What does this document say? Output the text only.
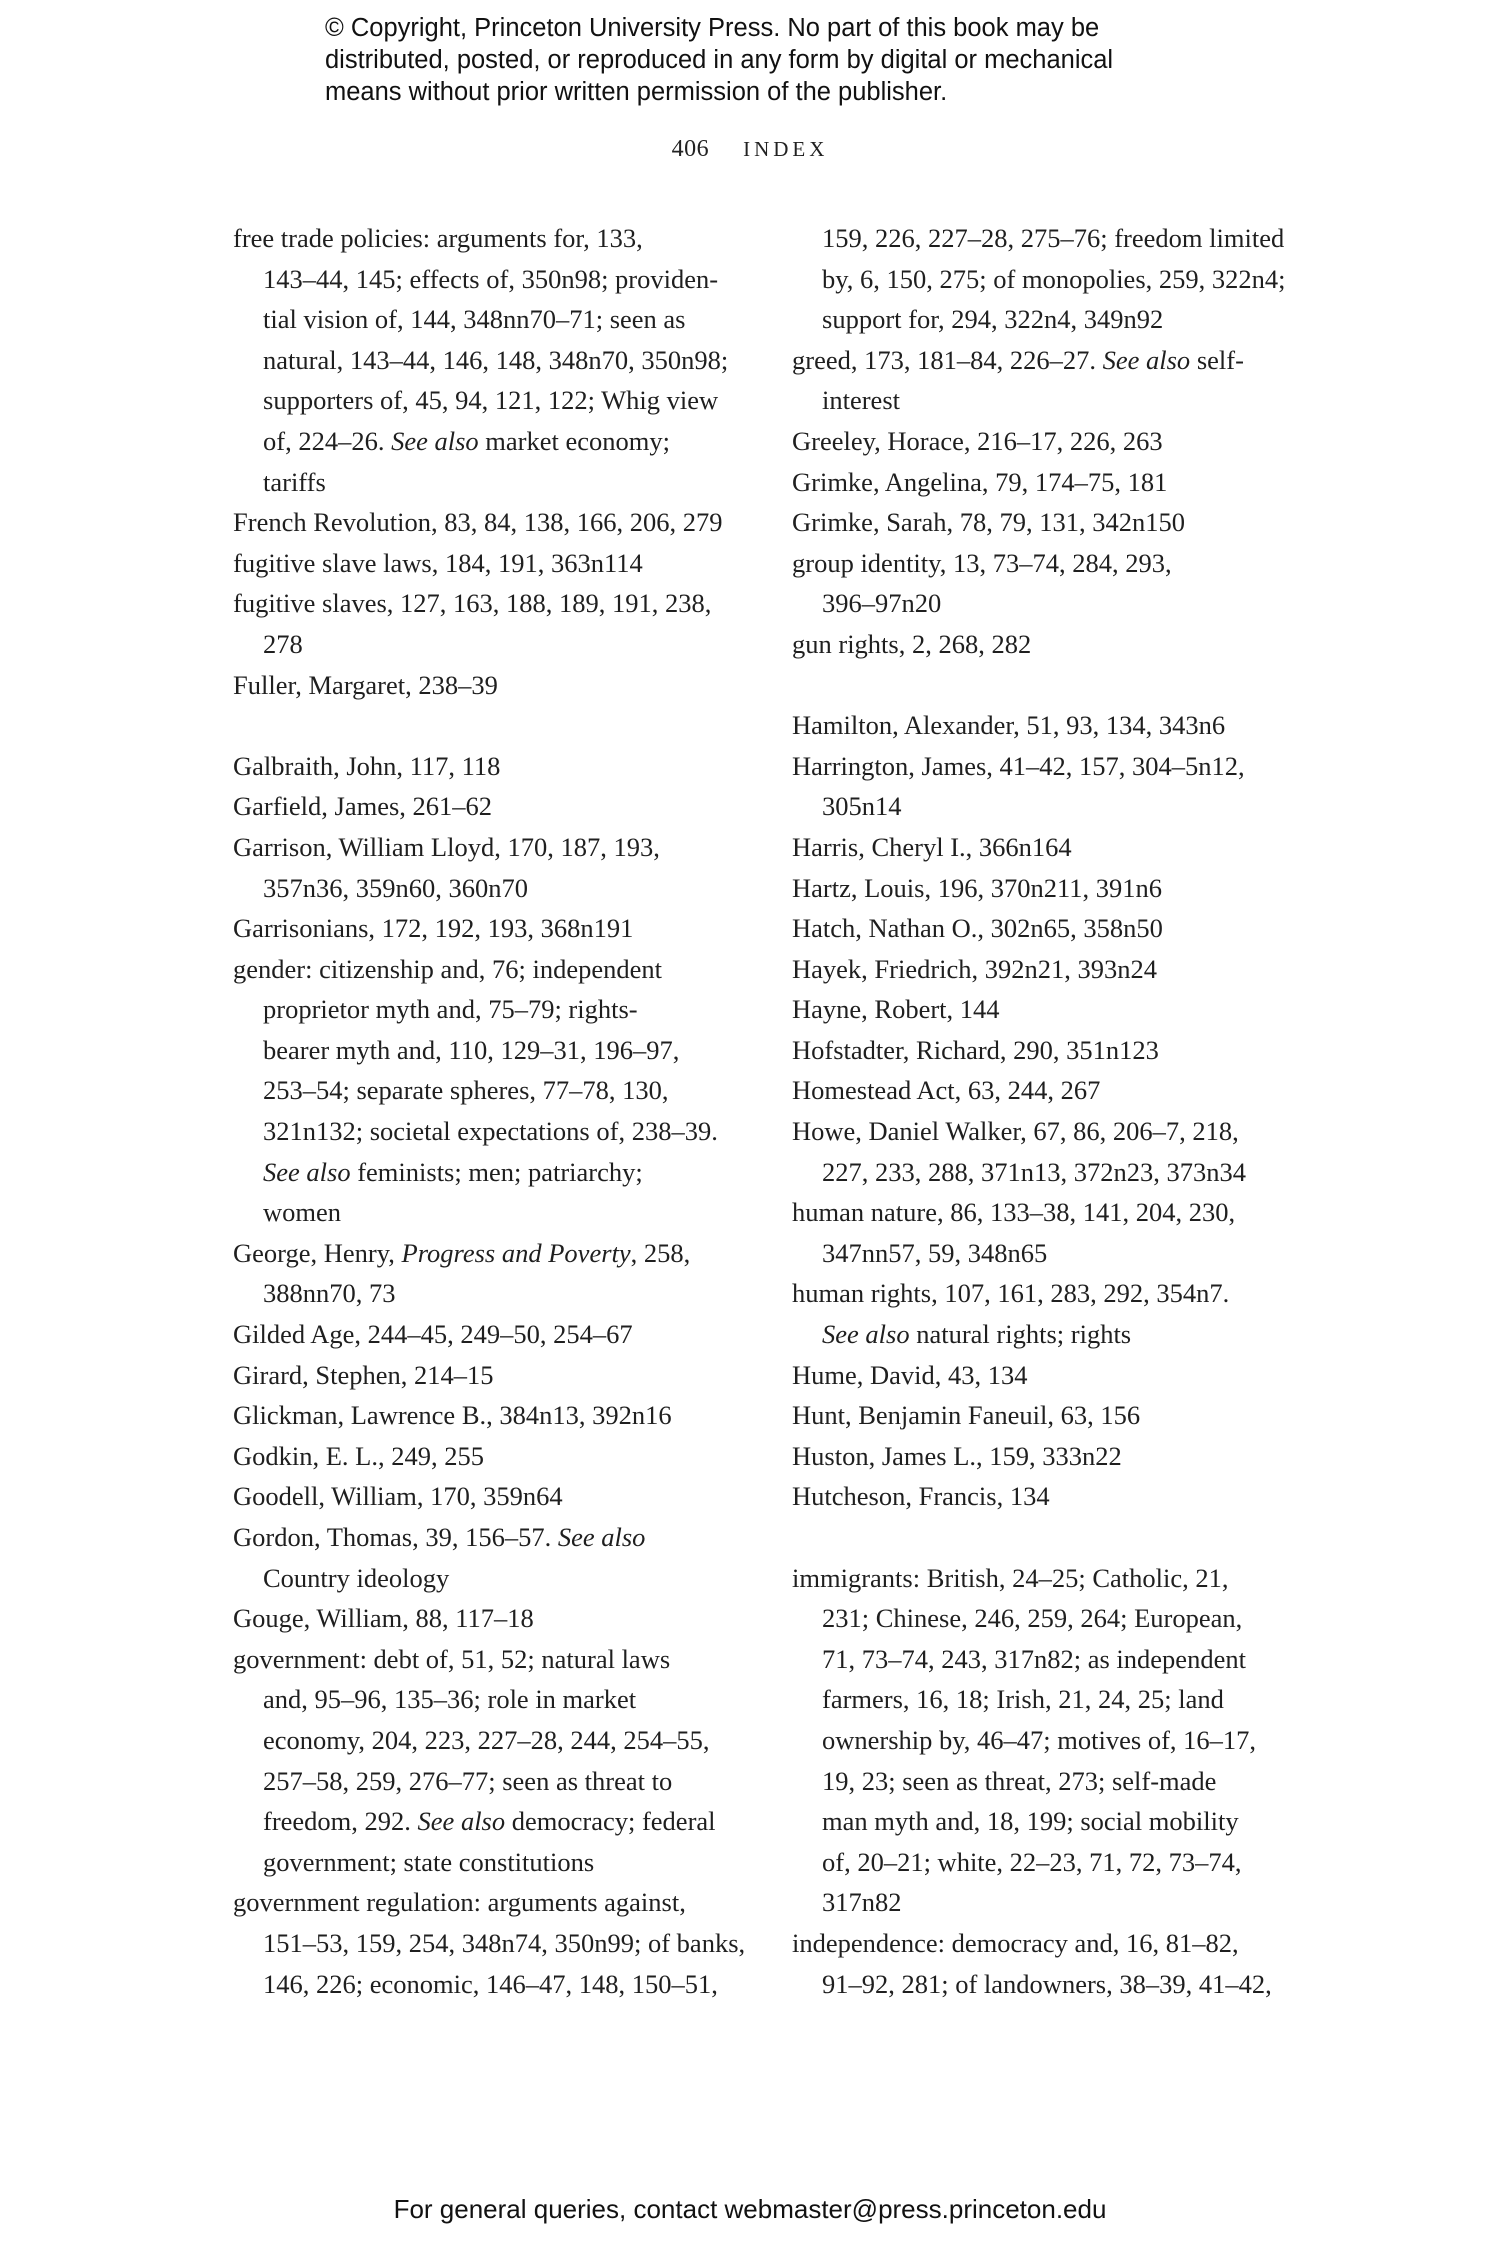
© Copyright, Princeton University Press. No part of this book may be
distributed, posted, or reproduced in any form by digital or mechanical
means without prior written permission of the publisher.
406 INDEX
free trade policies: arguments for, 133,
143–44, 145; effects of, 350n98; providen-
tial vision of, 144, 348nn70–71; seen as
natural, 143–44, 146, 148, 348n70, 350n98;
supporters of, 45, 94, 121, 122; Whig view
of, 224–26. See also market economy;
tariffs
French Revolution, 83, 84, 138, 166, 206, 279
fugitive slave laws, 184, 191, 363n114
fugitive slaves, 127, 163, 188, 189, 191, 238,
278
Fuller, Margaret, 238–39
Galbraith, John, 117, 118
Garfield, James, 261–62
Garrison, William Lloyd, 170, 187, 193,
357n36, 359n60, 360n70
Garrisonians, 172, 192, 193, 368n191
gender: citizenship and, 76; independent
proprietor myth and, 75–79; rights-
bearer myth and, 110, 129–31, 196–97,
253–54; separate spheres, 77–78, 130,
321n132; societal expectations of, 238–39.
See also feminists; men; patriarchy;
women
George, Henry, Progress and Poverty, 258,
388nn70, 73
Gilded Age, 244–45, 249–50, 254–67
Girard, Stephen, 214–15
Glickman, Lawrence B., 384n13, 392n16
Godkin, E. L., 249, 255
Goodell, William, 170, 359n64
Gordon, Thomas, 39, 156–57. See also
Country ideology
Gouge, William, 88, 117–18
government: debt of, 51, 52; natural laws
and, 95–96, 135–36; role in market
economy, 204, 223, 227–28, 244, 254–55,
257–58, 259, 276–77; seen as threat to
freedom, 292. See also democracy; federal
government; state constitutions
government regulation: arguments against,
151–53, 159, 254, 348n74, 350n99; of banks,
146, 226; economic, 146–47, 148, 150–51,
159, 226, 227–28, 275–76; freedom limited
by, 6, 150, 275; of monopolies, 259, 322n4;
support for, 294, 322n4, 349n92
greed, 173, 181–84, 226–27. See also self-
interest
Greeley, Horace, 216–17, 226, 263
Grimke, Angelina, 79, 174–75, 181
Grimke, Sarah, 78, 79, 131, 342n150
group identity, 13, 73–74, 284, 293,
396–97n20
gun rights, 2, 268, 282
Hamilton, Alexander, 51, 93, 134, 343n6
Harrington, James, 41–42, 157, 304–5n12,
305n14
Harris, Cheryl I., 366n164
Hartz, Louis, 196, 370n211, 391n6
Hatch, Nathan O., 302n65, 358n50
Hayek, Friedrich, 392n21, 393n24
Hayne, Robert, 144
Hofstadter, Richard, 290, 351n123
Homestead Act, 63, 244, 267
Howe, Daniel Walker, 67, 86, 206–7, 218,
227, 233, 288, 371n13, 372n23, 373n34
human nature, 86, 133–38, 141, 204, 230,
347nn57, 59, 348n65
human rights, 107, 161, 283, 292, 354n7.
See also natural rights; rights
Hume, David, 43, 134
Hunt, Benjamin Faneuil, 63, 156
Huston, James L., 159, 333n22
Hutcheson, Francis, 134
immigrants: British, 24–25; Catholic, 21,
231; Chinese, 246, 259, 264; European,
71, 73–74, 243, 317n82; as independent
farmers, 16, 18; Irish, 21, 24, 25; land
ownership by, 46–47; motives of, 16–17,
19, 23; seen as threat, 273; self-made
man myth and, 18, 199; social mobility
of, 20–21; white, 22–23, 71, 72, 73–74,
317n82
independence: democracy and, 16, 81–82,
91–92, 281; of landowners, 38–39, 41–42,
For general queries, contact webmaster@press.princeton.edu
